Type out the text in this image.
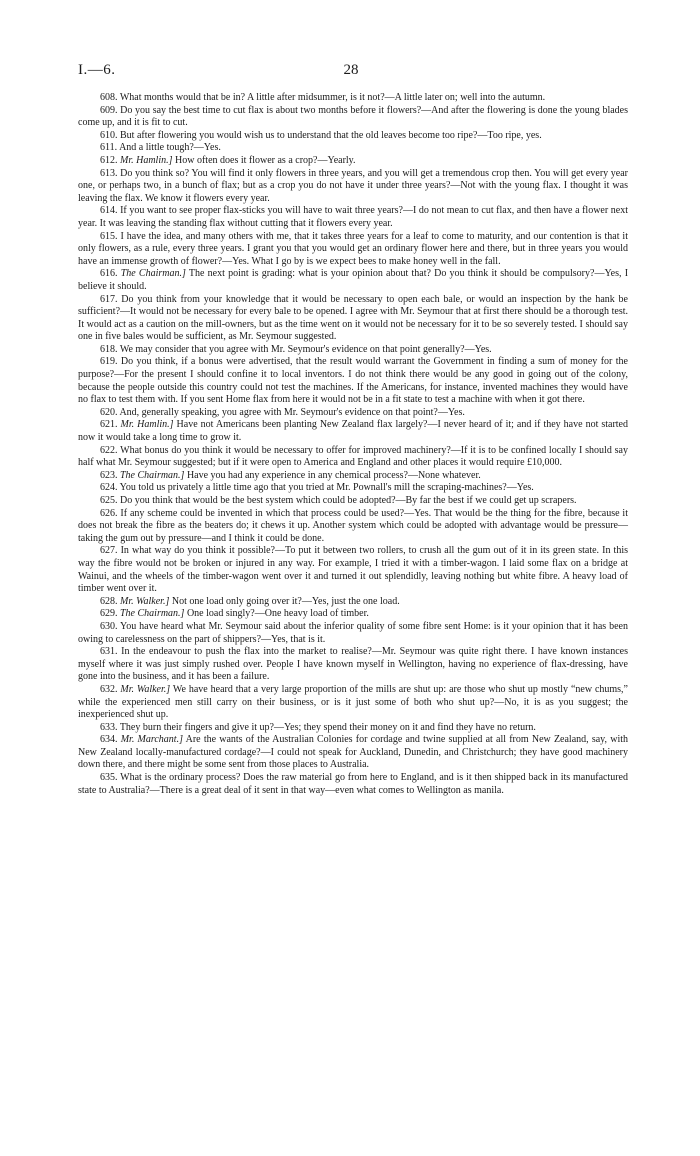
I.—6.	28

608. What months would that be in? A little after midsummer, is it not?—A little later on; well into the autumn.

609. Do you say the best time to cut flax is about two months before it flowers?—And after the flowering is done the young blades come up, and it is fit to cut.

610. But after flowering you would wish us to understand that the old leaves become too ripe?—Too ripe, yes.

611. And a little tough?—Yes.

612. Mr. Hamlin.] How often does it flower as a crop?—Yearly.

613. Do you think so? You will find it only flowers in three years, and you will get a tremendous crop then. You will get every year one, or perhaps two, in a bunch of flax; but as a crop you do not have it under three years?—Not with the young flax. I thought it was leaving the flax. We know it flowers every year.

614. If you want to see proper flax-sticks you will have to wait three years?—I do not mean to cut flax, and then have a flower next year. It was leaving the standing flax without cutting that it flowers every year.

615. I have the idea, and many others with me, that it takes three years for a leaf to come to maturity, and our contention is that it only flowers, as a rule, every three years. I grant you that you would get an ordinary flower here and there, but in three years you would have an immense growth of flower?—Yes. What I go by is we expect bees to make honey well in the fall.

616. The Chairman.] The next point is grading: what is your opinion about that? Do you think it should be compulsory?—Yes, I believe it should.

617. Do you think from your knowledge that it would be necessary to open each bale, or would an inspection by the hank be sufficient?—It would not be necessary for every bale to be opened. I agree with Mr. Seymour that at first there should be a thorough test. It would act as a caution on the mill-owners, but as the time went on it would not be necessary for it to be so severely tested. I should say one in five bales would be sufficient, as Mr. Seymour suggested.

618. We may consider that you agree with Mr. Seymour's evidence on that point generally?—Yes.

619. Do you think, if a bonus were advertised, that the result would warrant the Government in finding a sum of money for the purpose?—For the present I should confine it to local inventors. I do not think there would be any good in going out of the colony, because the people outside this country could not test the machines. If the Americans, for instance, invented machines they would have no flax to test them with. If you sent Home flax from here it would not be in a fit state to test a machine with when it got there.

620. And, generally speaking, you agree with Mr. Seymour's evidence on that point?—Yes.

621. Mr. Hamlin.] Have not Americans been planting New Zealand flax largely?—I never heard of it; and if they have not started now it would take a long time to grow it.

622. What bonus do you think it would be necessary to offer for improved machinery?—If it is to be confined locally I should say half what Mr. Seymour suggested; but if it were open to America and England and other places it would require £10,000.

623. The Chairman.] Have you had any experience in any chemical process?—None whatever.

624. You told us privately a little time ago that you tried at Mr. Pownall's mill the scraping-machines?—Yes.

625. Do you think that would be the best system which could be adopted?—By far the best if we could get up scrapers.

626. If any scheme could be invented in which that process could be used?—Yes. That would be the thing for the fibre, because it does not break the fibre as the beaters do; it chews it up. Another system which could be adopted with advantage would be pressure—taking the gum out by pressure—and I think it could be done.

627. In what way do you think it possible?—To put it between two rollers, to crush all the gum out of it in its green state. In this way the fibre would not be broken or injured in any way. For example, I tried it with a timber-wagon. I laid some flax on a bridge at Wainui, and the wheels of the timber-wagon went over it and turned it out splendidly, leaving nothing but white fibre. A heavy load of timber went over it.

628. Mr. Walker.] Not one load only going over it?—Yes, just the one load.

629. The Chairman.] One load singly?—One heavy load of timber.

630. You have heard what Mr. Seymour said about the inferior quality of some fibre sent Home: is it your opinion that it has been owing to carelessness on the part of shippers?—Yes, that is it.

631. In the endeavour to push the flax into the market to realise?—Mr. Seymour was quite right there. I have known instances myself where it was just simply rushed over. People I have known myself in Wellington, having no experience of flax-dressing, have gone into the business, and it has been a failure.

632. Mr. Walker.] We have heard that a very large proportion of the mills are shut up: are those who shut up mostly “new chums,” while the experienced men still carry on their business, or is it just some of both who shut up?—No, it is as you suggest; the inexperienced shut up.

633. They burn their fingers and give it up?—Yes; they spend their money on it and find they have no return.

634. Mr. Marchant.] Are the wants of the Australian Colonies for cordage and twine supplied at all from New Zealand, say, with New Zealand locally-manufactured cordage?—I could not speak for Auckland, Dunedin, and Christchurch; they have good machinery down there, and there might be some sent from those places to Australia.

635. What is the ordinary process? Does the raw material go from here to England, and is it then shipped back in its manufactured state to Australia?—There is a great deal of it sent in that way—even what comes to Wellington as manila.
